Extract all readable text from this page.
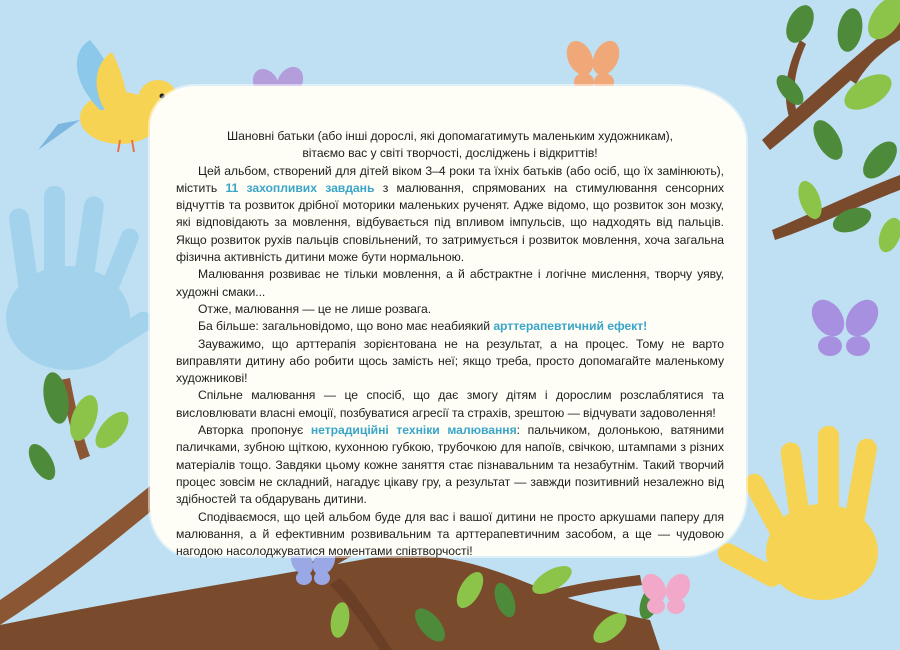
Шановні батьки (або інші дорослі, які допомагатимуть маленьким художникам),

вітаємо вас у світі творчості, досліджень і відкриттів!

Цей альбом, створений для дітей віком 3–4 роки та їхніх батьків (або осіб, що їх замінюють), містить 11 захопливих завдань з малювання, спрямованих на стимулювання сенсорних відчуттів та розвиток дрібної моторики маленьких рученят. Адже відомо, що розвиток зон мозку, які відповідають за мовлення, відбувається під впливом імпульсів, що надходять від пальців. Якщо розвиток рухів пальців сповільнений, то затримується і розвиток мовлення, хоча загальна фізична активність дитини може бути нормальною.

Малювання розвиває не тільки мовлення, а й абстрактне і логічне мислення, творчу уяву, художні смаки...

Отже, малювання — це не лише розвага.

Ба більше: загальновідомо, що воно має неабиякий арттерапевтичний ефект!

Зауважимо, що арттерапія зорієнтована не на результат, а на процес. Тому не варто виправляти дитину або робити щось замість неї; якщо треба, просто допомагайте маленькому художникові!

Спільне малювання — це спосіб, що дає змогу дітям і дорослим розслаблятися та висловлювати власні емоції, позбуватися агресії та страхів, зрештою — відчувати задоволення!

Авторка пропонує нетрадиційні техніки малювання: пальчиком, долонькою, ватяними паличками, зубною щіткою, кухонною губкою, трубочкою для напоїв, свічкою, штампами з різних матеріалів тощо. Завдяки цьому кожне заняття стає пізнавальним та незабутнім. Такий творчий процес зовсім не складний, нагадує цікаву гру, а результат — завжди позитивний незалежно від здібностей та обдарувань дитини.

Сподіваємося, що цей альбом буде для вас і вашої дитини не просто аркушами паперу для малювання, а й ефективним розвивальним та арттерапевтичним засобом, а ще — чудовою нагодою насолоджуватися моментами співтворчості!
